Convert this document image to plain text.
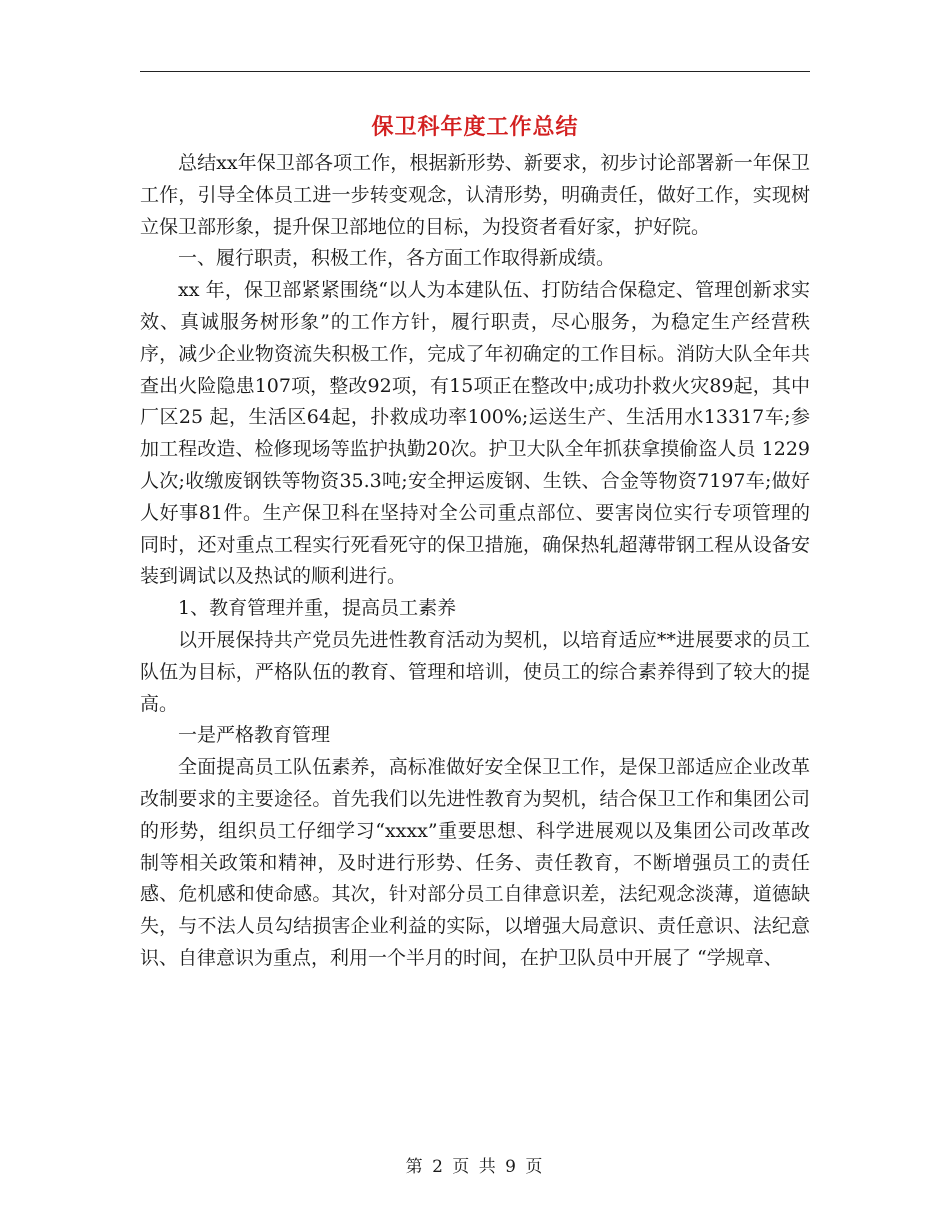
保卫科年度工作总结

总结xx年保卫部各项工作，根据新形势、新要求，初步讨论部署新一年保卫工作，引导全体员工进一步转变观念，认清形势，明确责任，做好工作，实现树立保卫部形象，提升保卫部地位的目标，为投资者看好家，护好院。

一、履行职责，积极工作，各方面工作取得新成绩。

xx 年，保卫部紧紧围绕“以人为本建队伍、打防结合保稳定、管理创新求实效、真诚服务树形象”的工作方针，履行职责，尽心服务，为稳定生产经营秩序，减少企业物资流失积极工作，完成了年初确定的工作目标。消防大队全年共查出火险隐患107项，整改92项，有15项正在整改中;成功扑救火灾89起，其中厂区25 起，生活区64起，扑救成功率100%;运送生产、生活用水13317车;参加工程改造、检修现场等监护执勤20次。护卫大队全年抓获拿摸偷盗人员 1229人次;收缴废钢铁等物资35.3吨;安全押运废钢、生铁、合金等物资7197车;做好人好事81件。生产保卫科在坚持对全公司重点部位、要害岗位实行专项管理的同时，还对重点工程实行死看死守的保卫措施，确保热轧超薄带钢工程从设备安装到调试以及热试的顺利进行。

1、教育管理并重，提高员工素养

以开展保持共产党员先进性教育活动为契机，以培育适应**进展要求的员工队伍为目标，严格队伍的教育、管理和培训，使员工的综合素养得到了较大的提高。

一是严格教育管理

全面提高员工队伍素养，高标准做好安全保卫工作，是保卫部适应企业改革改制要求的主要途径。首先我们以先进性教育为契机，结合保卫工作和集团公司的形势，组织员工仔细学习“xxxx”重要思想、科学进展观以及集团公司改革改制等相关政策和精神，及时进行形势、任务、责任教育，不断增强员工的责任感、危机感和使命感。其次，针对部分员工自律意识差，法纪观念淡薄，道德缺失，与不法人员勾结损害企业利益的实际，以增强大局意识、责任意识、法纪意识、自律意识为重点，利用一个半月的时间，在护卫队员中开展了 “学规章、

第 2 页 共 9 页
